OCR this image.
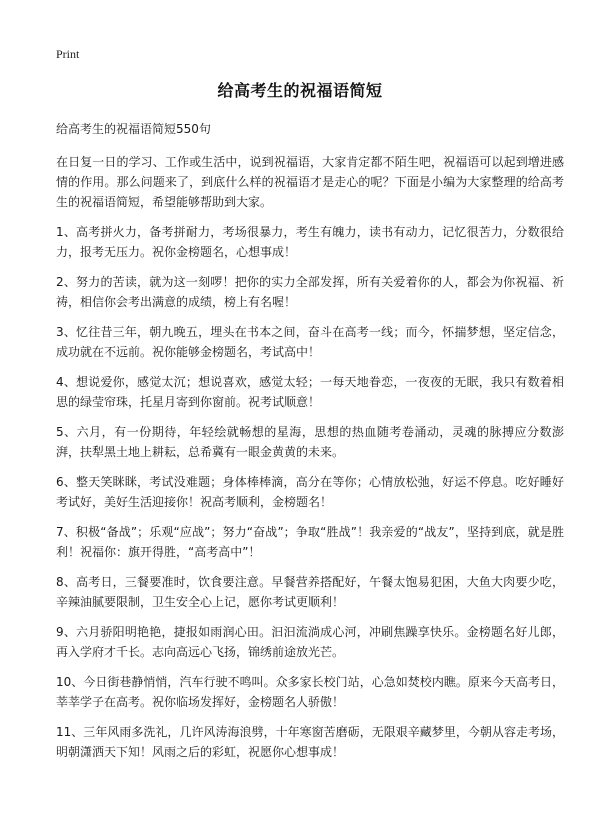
Print
给高考生的祝福语简短

给高考生的祝福语简短550句

在日复一日的学习、工作或生活中，说到祝福语，大家肯定都不陌生吧，祝福语可以起到增进感情的作用。那么问题来了，到底什么样的祝福语才是走心的呢？下面是小编为大家整理的给高考生的祝福语简短，希望能够帮助到大家。

1、高考拼火力，备考拼耐力，考场很暴力，考生有魄力，读书有动力，记忆很苦力，分数很给力，报考无压力。祝你金榜题名，心想事成！

2、努力的苦读，就为这一刻啰！把你的实力全部发挥，所有关爱着你的人，都会为你祝福、祈祷，相信你会考出满意的成绩，榜上有名喔！

3、忆往昔三年，朝九晚五，埋头在书本之间，奋斗在高考一线；而今，怀揣梦想，坚定信念，成功就在不远前。祝你能够金榜题名，考试高中！

4、想说爱你，感觉太沉；想说喜欢，感觉太轻；一每天地眷恋，一夜夜的无眠，我只有数着相思的绿莹帘珠，托星月寄到你窗前。祝考试顺意！

5、六月，有一份期待，年轻绘就畅想的星海，思想的热血随考卷涌动，灵魂的脉搏应分数澎湃，扶犁黑土地上耕耘，总希冀有一眼金黄黄的未来。

6、整天笑眯眯，考试没难题；身体棒棒滴，高分在等你；心情放松弛，好运不停息。吃好睡好考试好，美好生活迎接你！祝高考顺利，金榜题名！

7、积极“备战”；乐观“应战”；努力“奋战”；争取“胜战”！我亲爱的“战友”，坚持到底，就是胜利！祝福你：旗开得胜，“高考高中”！

8、高考日，三餐要准时，饮食要注意。早餐营养搭配好，午餐太饱易犯困，大鱼大肉要少吃，辛辣油腻要限制，卫生安全心上记，愿你考试更顺利！

9、六月骄阳明艳艳，捷报如雨润心田。汩汩流淌成心河，冲刷焦躁享快乐。金榜题名好儿郎，再入学府才千长。志向高远心飞扬，锦绣前途放光芒。

10、今日街巷静悄悄，汽车行驶不鸣叫。众多家长校门站，心急如焚校内瞧。原来今天高考日，莘莘学子在高考。祝你临场发挥好，金榜题名人骄傲！

11、三年风雨多洗礼，几许风涛海浪劈，十年寒窗苦磨砺，无限艰辛藏梦里，今朝从容走考场，明朝潇洒天下知！风雨之后的彩虹，祝愿你心想事成！
